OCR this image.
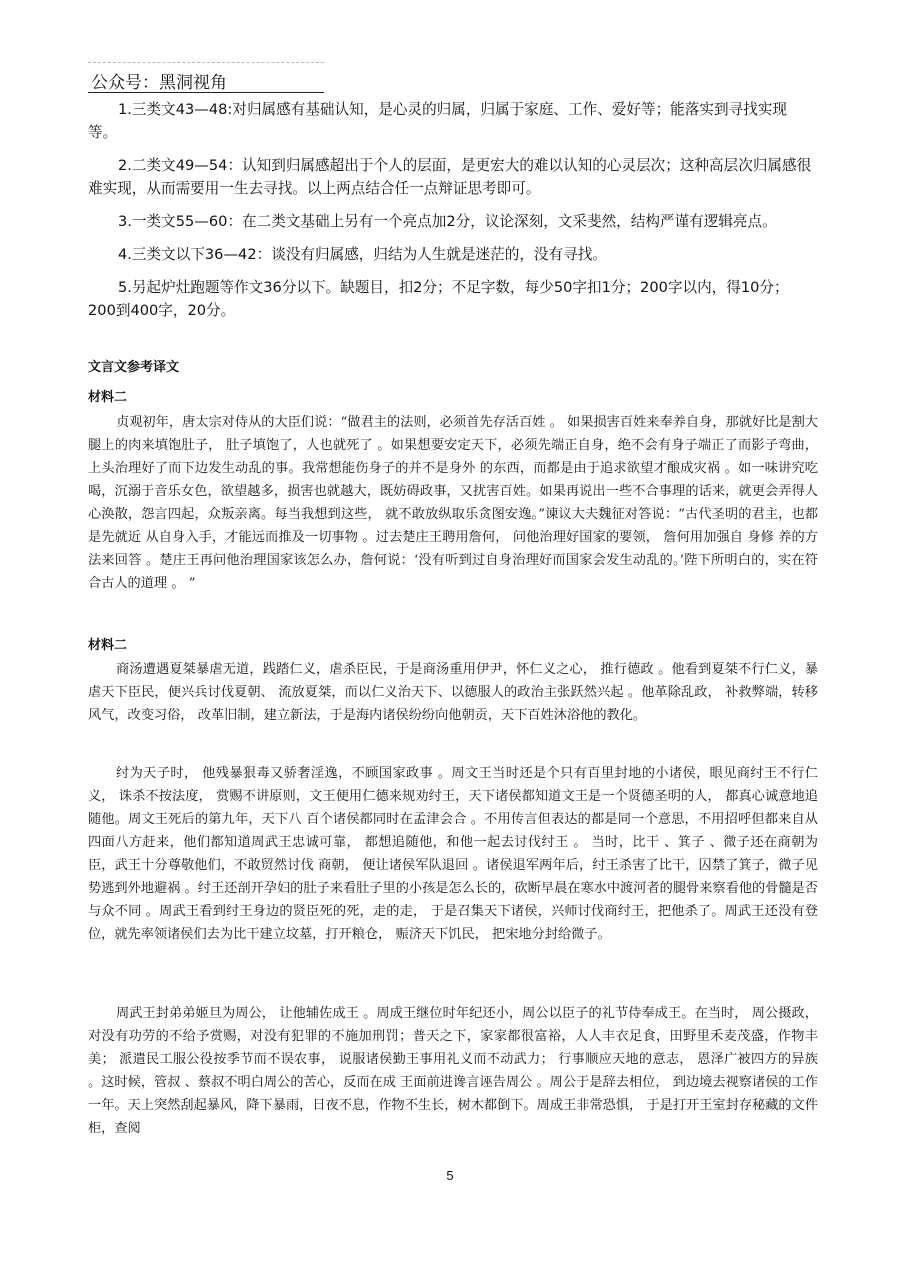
公众号：黑洞视角

1.三类文43—48:对归属感有基础认知，是心灵的归属，归属于家庭、工作、爱好等；能落实到寻找实现等。

2.二类文49—54：认知到归属感超出于个人的层面，是更宏大的难以认知的心灵层次；这种高层次归属感很难实现，从而需要用一生去寻找。以上两点结合任一点辩证思考即可。

3.一类文55—60：在二类文基础上另有一个亮点加2分，议论深刻，文采斐然，结构严谨有逻辑亮点。

4.三类文以下36—42：谈没有归属感，归结为人生就是迷茫的，没有寻找。

5.另起炉灶跑题等作文36分以下。缺题目，扣2分；不足字数，每少50字扣1分；200字以内，得10分；200到400字，20分。

文言文参考译文
材料二

贞观初年，唐太宗对侍从的大臣们说：“做君主的法则，必须首先存活百姓 。 如果损害百姓来奉养自身，那就好比是割大腿上的肉来填饱肚子， 肚子填饱了，人也就死了 。如果想要安定天下，必须先端正自身，绝不会有身子端正了而影子弯曲，上头治理好了而下边发生动乱的事。我常想能伤身子的并不是身外 的东西，而都是由于追求欲望才酿成灾祸 。如一味讲究吃喝，沉溺于音乐女色，欲望越多，损害也就越大，既妨碍政事，又扰害百姓。如果再说出一些不合事理的话来，就更会弄得人心涣散，怨言四起，众叛亲离。每当我想到这些， 就不敢放纵取乐贪图安逸。”谏议大夫魏征对答说：“古代圣明的君主，也都是先就近 从自身入手，才能远而推及一切事物 。过去楚庄王聘用詹何， 问他治理好国家的要领， 詹何用加强自 身修 养的方法来回答 。楚庄王再问他治理国家该怎么办，詹何说：‘没有听到过自身治理好而国家会发生动乱的。’陛下所明白的，实在符合古人的道理 。 ”

材料二

商汤遭遇夏桀暴虐无道，践踏仁义，虐杀臣民，于是商汤重用伊尹，怀仁义之心， 推行德政 。他看到夏桀不行仁义，暴虐天下臣民，便兴兵讨伐夏朝、 流放夏桀，而以仁义治天下、以德服人的政治主张跃然兴起 。他革除乱政， 补救弊端，转移风气，改变习俗， 改革旧制，建立新法，于是海内诸侯纷纷向他朝贡，天下百姓沐浴他的教化。

纣为天子时， 他残暴狠毒又骄奢淫逸，不顾国家政事 。周文王当时还是个只有百里封地的小诸侯，眼见商纣王不行仁义， 诛杀不按法度， 赏赐不讲原则，文王便用仁德来规劝纣王，天下诸侯都知道文王是一个贤德圣明的人， 都真心诚意地追随他。周文王死后的第九年，天下八 百个诸侯都同时在孟津会合 。不用传言但表达的都是同一个意思，不用招呼但都来自从四面八方赶来，他们都知道周武王忠诚可靠， 都想追随他，和他一起去讨伐纣王 。 当时，比干 、箕子 、微子还在商朝为臣，武王十分尊敬他们，不敢贸然讨伐 商朝， 便让诸侯军队退回 。诸侯退军两年后，纣王杀害了比干，囚禁了箕子，微子见势逃到外地避祸 。纣王还剖开孕妇的肚子来看肚子里的小孩是怎么长的，砍断早晨在寒水中渡河者的腿骨来察看他的骨髓是否与众不同 。周武王看到纣王身边的贤臣死的死，走的走， 于是召集天下诸侯，兴师讨伐商纣王，把他杀了。周武王还没有登位，就先率领诸侯们去为比干建立坟墓，打开粮仓， 赈济天下饥民， 把宋地分封给微子。

周武王封弟弟姬旦为周公， 让他辅佐成王 。周成王继位时年纪还小，周公以臣子的礼节侍奉成王。在当时， 周公摄政， 对没有功劳的不给予赏赐，对没有犯罪的不施加刑罚；普天之下，家家都很富裕，人人丰衣足食，田野里禾麦茂盛，作物丰美； 派遣民工服公役按季节而不误农事， 说服诸侯勤王事用礼义而不动武力； 行事顺应天地的意志， 恩泽广被四方的异族 。这时候，管叔 、蔡叔不明白周公的苦心，反而在成 王面前进谗言诬告周公 。周公于是辞去相位， 到边境去视察诸侯的工作一年。天上突然刮起暴风，降下暴雨，日夜不息，作物不生长，树木都倒下。周成王非常恐惧， 于是打开王室封存秘藏的文件柜，查阅

5
